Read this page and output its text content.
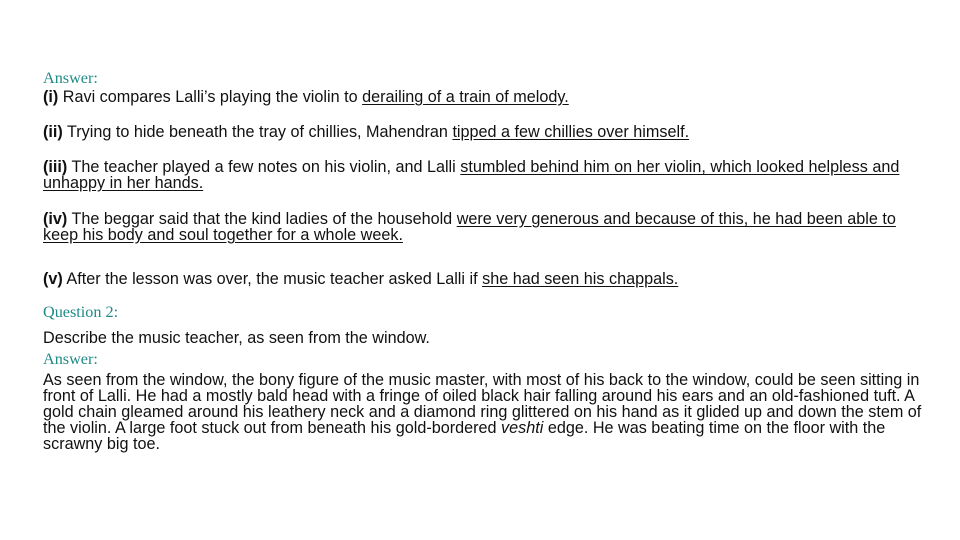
Answer:
(i) Ravi compares Lalli’s playing the violin to derailing of a train of melody.
(ii) Trying to hide beneath the tray of chillies, Mahendran tipped a few chillies over himself.
(iii) The teacher played a few notes on his violin, and Lalli stumbled behind him on her violin, which looked helpless and unhappy in her hands.
(iv) The beggar said that the kind ladies of the household were very generous and because of this, he had been able to keep his body and soul together for a whole week.
(v) After the lesson was over, the music teacher asked Lalli if she had seen his chappals.
Question 2:
Describe the music teacher, as seen from the window.
Answer:
As seen from the window, the bony figure of the music master, with most of his back to the window, could be seen sitting in front of Lalli. He had a mostly bald head with a fringe of oiled black hair falling around his ears and an old-fashioned tuft. A gold chain gleamed around his leathery neck and a diamond ring glittered on his hand as it glided up and down the stem of the violin. A large foot stuck out from beneath his gold-bordered veshti edge. He was beating time on the floor with the scrawny big toe.
